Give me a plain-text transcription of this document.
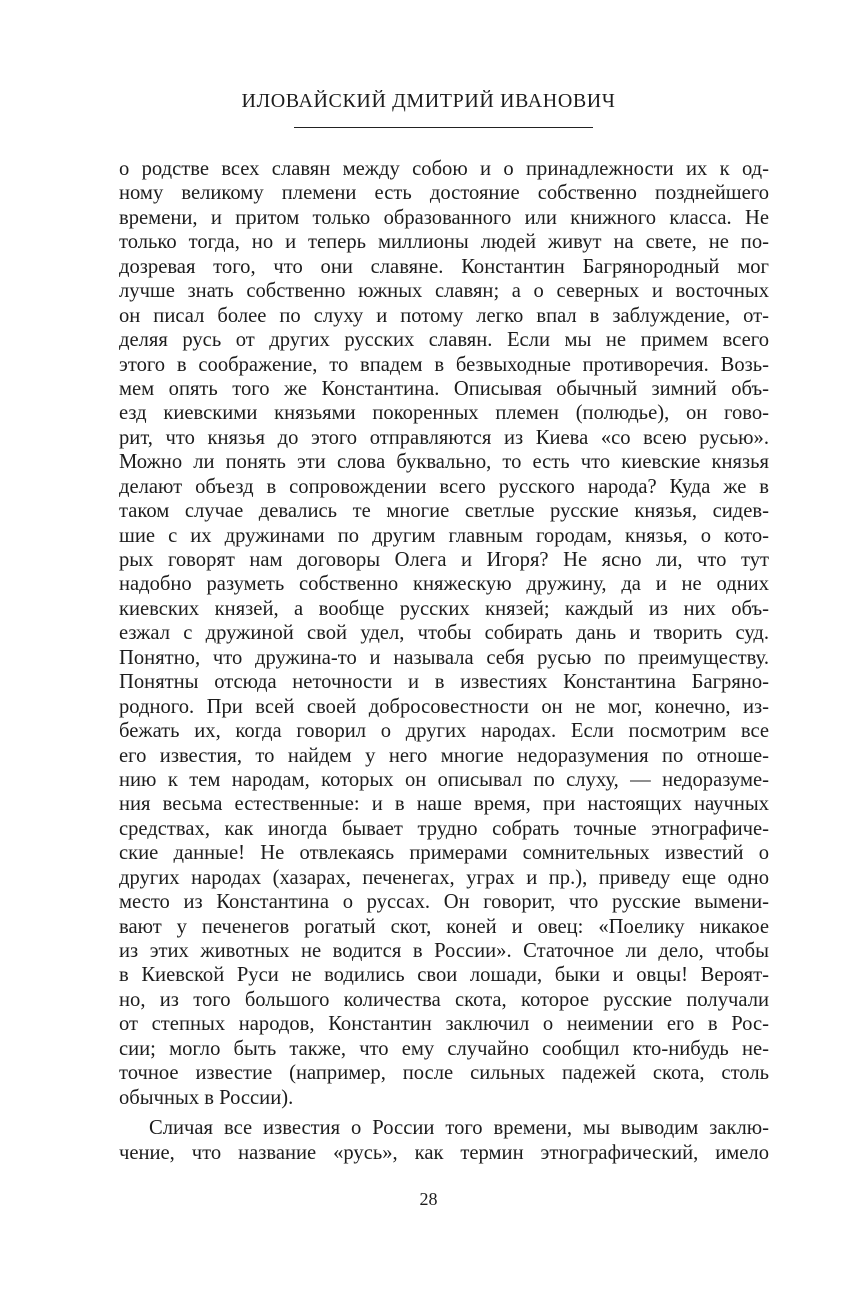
ИЛОВАЙСКИЙ ДМИТРИЙ ИВАНОВИЧ
о родстве всех славян между собою и о принадлежности их к од-
ному великому племени есть достояние собственно позднейшего
времени, и притом только образованного или книжного класса. Не
только тогда, но и теперь миллионы людей живут на свете, не по-
дозревая того, что они славяне. Константин Багрянородный мог
лучше знать собственно южных славян; а о северных и восточных
он писал более по слуху и потому легко впал в заблуждение, от-
деляя русь от других русских славян. Если мы не примем всего
этого в соображение, то впадем в безвыходные противоречия. Возь-
мем опять того же Константина. Описывая обычный зимний объ-
езд киевскими князьями покоренных племен (полюдье), он гово-
рит, что князья до этого отправляются из Киева «со всею русью».
Можно ли понять эти слова буквально, то есть что киевские князья
делают объезд в сопровождении всего русского народа? Куда же в
таком случае девались те многие светлые русские князья, сидев-
шие с их дружинами по другим главным городам, князья, о кото-
рых говорят нам договоры Олега и Игоря? Не ясно ли, что тут
надобно разуметь собственно княжескую дружину, да и не одних
киевских князей, а вообще русских князей; каждый из них объ-
езжал с дружиной свой удел, чтобы собирать дань и творить суд.
Понятно, что дружина-то и называла себя русью по преимуществу.
Понятны отсюда неточности и в известиях Константина Багряно-
родного. При всей своей добросовестности он не мог, конечно, из-
бежать их, когда говорил о других народах. Если посмотрим все
его известия, то найдем у него многие недоразумения по отноше-
нию к тем народам, которых он описывал по слуху, — недоразуме-
ния весьма естественные: и в наше время, при настоящих научных
средствах, как иногда бывает трудно собрать точные этнографиче-
ские данные! Не отвлекаясь примерами сомнительных известий о
других народах (хазарах, печенегах, уграх и пр.), приведу еще одно
место из Константина о руссах. Он говорит, что русские вымени-
вают у печенегов рогатый скот, коней и овец: «Поелику никакое
из этих животных не водится в России». Статочное ли дело, чтобы
в Киевской Руси не водились свои лошади, быки и овцы! Вероят-
но, из того большого количества скота, которое русские получали
от степных народов, Константин заключил о неимении его в Рос-
сии; могло быть также, что ему случайно сообщил кто-нибудь не-
точное известие (например, после сильных падежей скота, столь
обычных в России).
Сличая все известия о России того времени, мы выводим заклю-
чение, что название «русь», как термин этнографический, имело
28
